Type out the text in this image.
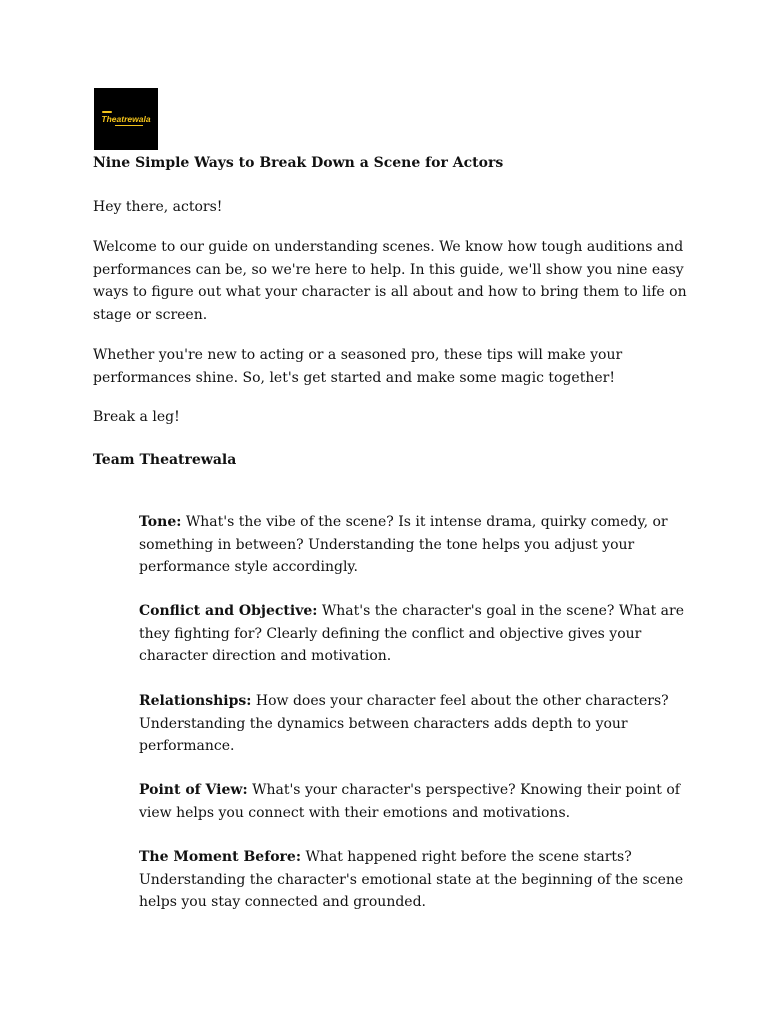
Theatrewala
Nine Simple Ways to Break Down a Scene for Actors

Hey there, actors!

Welcome to our guide on understanding scenes. We know how tough auditions and performances can be, so we're here to help. In this guide, we'll show you nine easy ways to figure out what your character is all about and how to bring them to life on stage or screen.

Whether you're new to acting or a seasoned pro, these tips will make your performances shine. So, let's get started and make some magic together!

Break a leg!

Team Theatrewala

Tone: What's the vibe of the scene? Is it intense drama, quirky comedy, or something in between? Understanding the tone helps you adjust your performance style accordingly.

Conflict and Objective: What's the character's goal in the scene? What are they fighting for? Clearly defining the conflict and objective gives your character direction and motivation.

Relationships: How does your character feel about the other characters? Understanding the dynamics between characters adds depth to your performance.

Point of View: What's your character's perspective? Knowing their point of view helps you connect with their emotions and motivations.

The Moment Before: What happened right before the scene starts? Understanding the character's emotional state at the beginning of the scene helps you stay connected and grounded.
